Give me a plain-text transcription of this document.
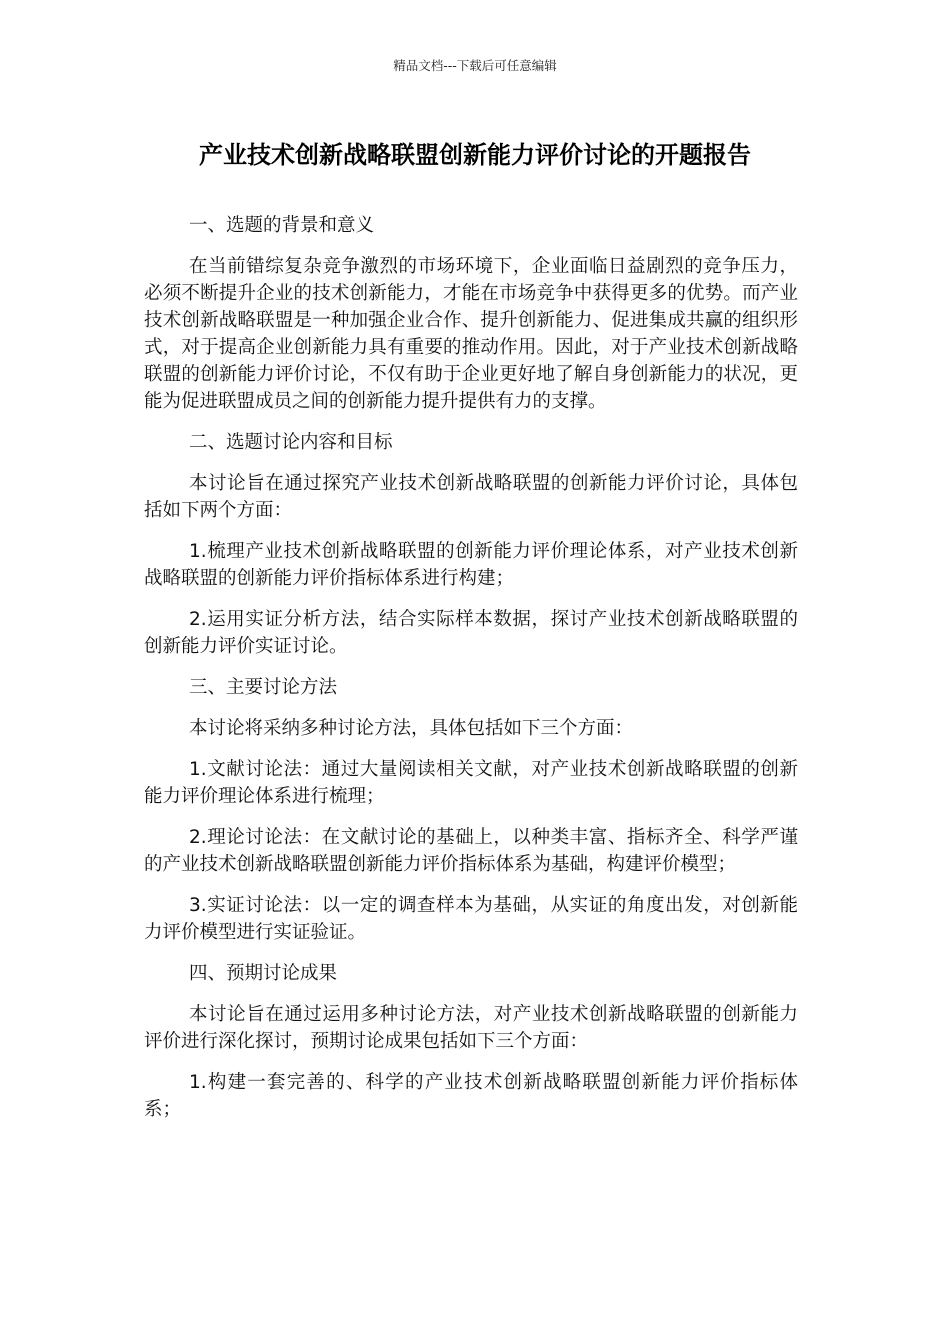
精品文档---下载后可任意编辑
产业技术创新战略联盟创新能力评价讨论的开题报告

一、选题的背景和意义

在当前错综复杂竞争激烈的市场环境下，企业面临日益剧烈的竞争压力，必须不断提升企业的技术创新能力，才能在市场竞争中获得更多的优势。而产业技术创新战略联盟是一种加强企业合作、提升创新能力、促进集成共赢的组织形式，对于提高企业创新能力具有重要的推动作用。因此，对于产业技术创新战略联盟的创新能力评价讨论，不仅有助于企业更好地了解自身创新能力的状况，更能为促进联盟成员之间的创新能力提升提供有力的支撑。

二、选题讨论内容和目标

本讨论旨在通过探究产业技术创新战略联盟的创新能力评价讨论，具体包括如下两个方面：

1.梳理产业技术创新战略联盟的创新能力评价理论体系，对产业技术创新战略联盟的创新能力评价指标体系进行构建；

2.运用实证分析方法，结合实际样本数据，探讨产业技术创新战略联盟的创新能力评价实证讨论。

三、主要讨论方法

本讨论将采纳多种讨论方法，具体包括如下三个方面：

1.文献讨论法：通过大量阅读相关文献，对产业技术创新战略联盟的创新能力评价理论体系进行梳理；

2.理论讨论法：在文献讨论的基础上，以种类丰富、指标齐全、科学严谨的产业技术创新战略联盟创新能力评价指标体系为基础，构建评价模型；

3.实证讨论法：以一定的调查样本为基础，从实证的角度出发，对创新能力评价模型进行实证验证。

四、预期讨论成果

本讨论旨在通过运用多种讨论方法，对产业技术创新战略联盟的创新能力评价进行深化探讨，预期讨论成果包括如下三个方面：

1.构建一套完善的、科学的产业技术创新战略联盟创新能力评价指标体系；
